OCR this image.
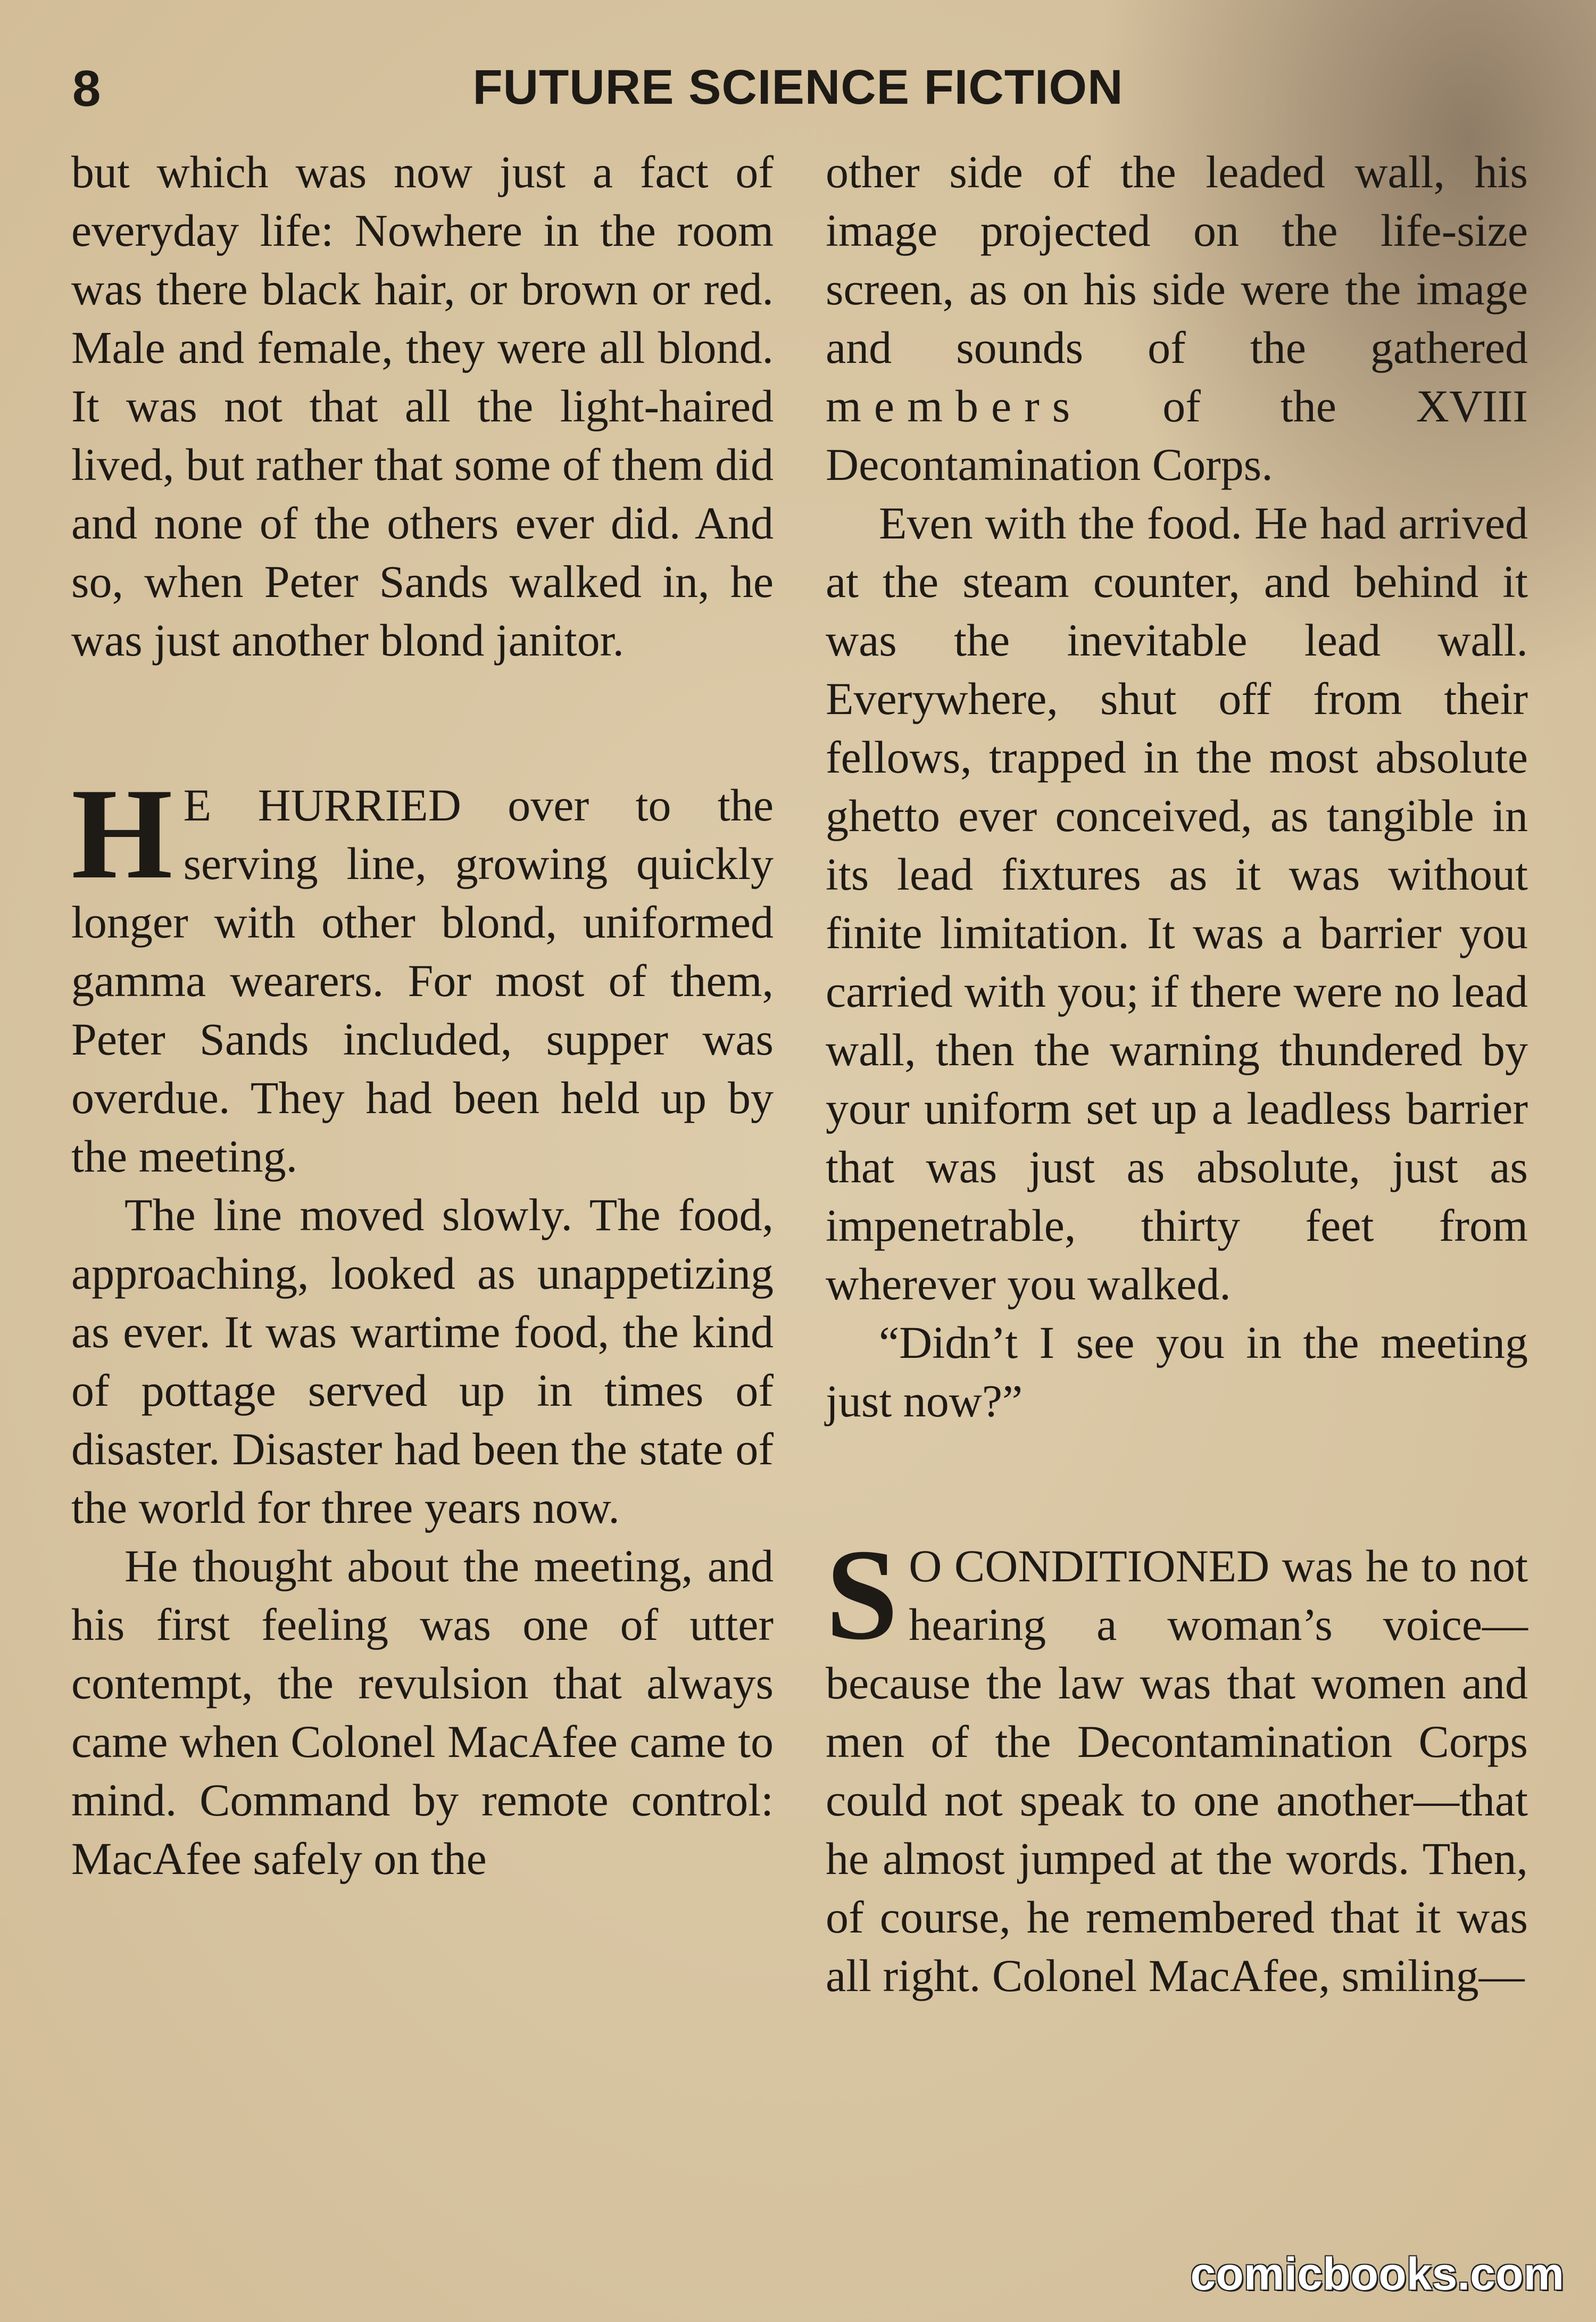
8	FUTURE SCIENCE FICTION

but which was now just a fact of everyday life: Nowhere in the room was there black hair, or brown or red. Male and female, they were all blond. It was not that all the light-haired lived, but rather that some of them did and none of the others ever did. And so, when Peter Sands walked in, he was just another blond janitor.

H E HURRIED over to the serving line, growing quickly longer with other blond, uniformed gamma wearers. For most of them, Peter Sands included, supper was overdue. They had been held up by the meeting.

The line moved slowly. The food, approaching, looked as unappetizing as ever. It was wartime food, the kind of pottage served up in times of disaster. Disaster had been the state of the world for three years now.

He thought about the meeting, and his first feeling was one of utter contempt, the revulsion that always came when Colonel MacAfee came to mind. Command by remote control: MacAfee safely on the

other side of the leaded wall, his image projected on the life-size screen, as on his side were the image and sounds of the gathered members of the XVIII Decontamination Corps.

Even with the food. He had arrived at the steam counter, and behind it was the inevitable lead wall. Everywhere, shut off from their fellows, trapped in the most absolute ghetto ever conceived, as tangible in its lead fixtures as it was without finite limitation. It was a barrier you carried with you; if there were no lead wall, then the warning thundered by your uniform set up a leadless barrier that was just as absolute, just as impenetrable, thirty feet from wherever you walked.

“Didn’t I see you in the meeting just now?”

S O CONDITIONED was he to not hearing a woman’s voice—because the law was that women and men of the Decontamination Corps could not speak to one another—that he almost jumped at the words. Then, of course, he remembered that it was all right. Colonel MacAfee, smiling—

comicbooks.com
